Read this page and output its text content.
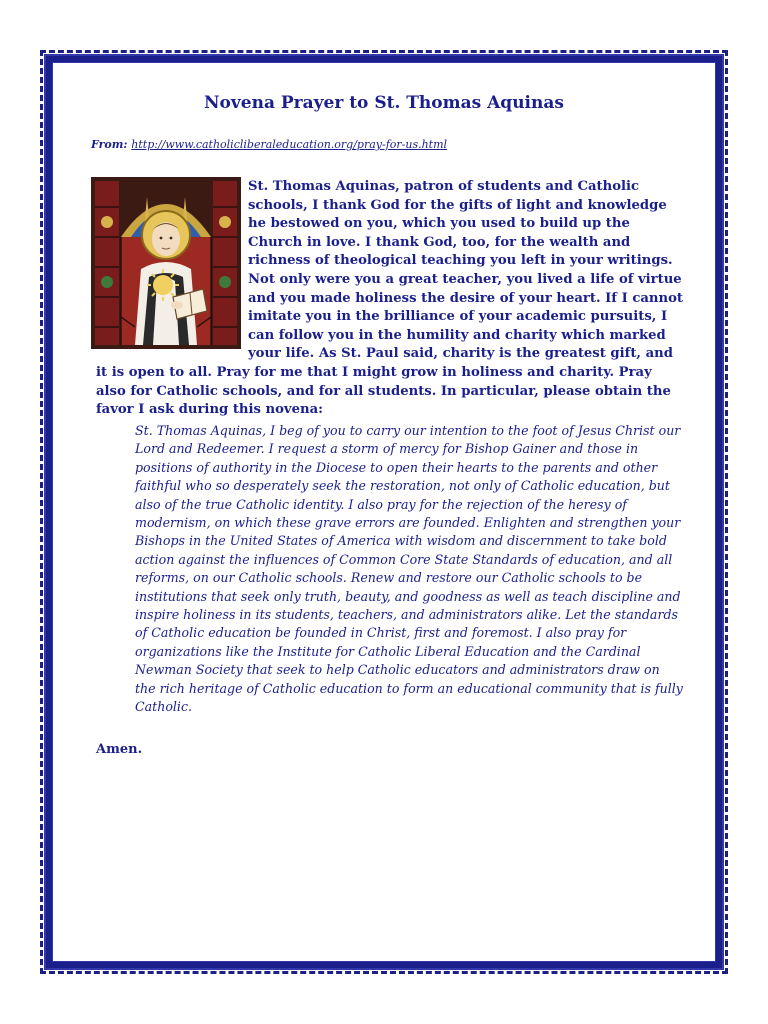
Novena Prayer to St. Thomas Aquinas
From: http://www.catholicliberaleducation.org/pray-for-us.html

St. Thomas Aquinas, patron of students and Catholic schools, I thank God for the gifts of light and knowledge he bestowed on you, which you used to build up the Church in love. I thank God, too, for the wealth and richness of theological teaching you left in your writings. Not only were you a great teacher, you lived a life of virtue and you made holiness the desire of your heart. If I cannot imitate you in the brilliance of your academic pursuits, I can follow you in the humility and charity which marked your life. As St. Paul said, charity is the greatest gift, and it is open to all. Pray for me that I might grow in holiness and charity. Pray also for Catholic schools, and for all students. In particular, please obtain the favor I ask during this novena:

St. Thomas Aquinas, I beg of you to carry our intention to the foot of Jesus Christ our Lord and Redeemer. I request a storm of mercy for Bishop Gainer and those in positions of authority in the Diocese to open their hearts to the parents and other faithful who so desperately seek the restoration, not only of Catholic education, but also of the true Catholic identity. I also pray for the rejection of the heresy of modernism, on which these grave errors are founded. Enlighten and strengthen your Bishops in the United States of America with wisdom and discernment to take bold action against the influences of Common Core State Standards of education, and all reforms, on our Catholic schools. Renew and restore our Catholic schools to be institutions that seek only truth, beauty, and goodness as well as teach discipline and inspire holiness in its students, teachers, and administrators alike. Let the standards of Catholic education be founded in Christ, first and foremost. I also pray for organizations like the Institute for Catholic Liberal Education and the Cardinal Newman Society that seek to help Catholic educators and administrators draw on the rich heritage of Catholic education to form an educational community that is fully Catholic.

Amen.
